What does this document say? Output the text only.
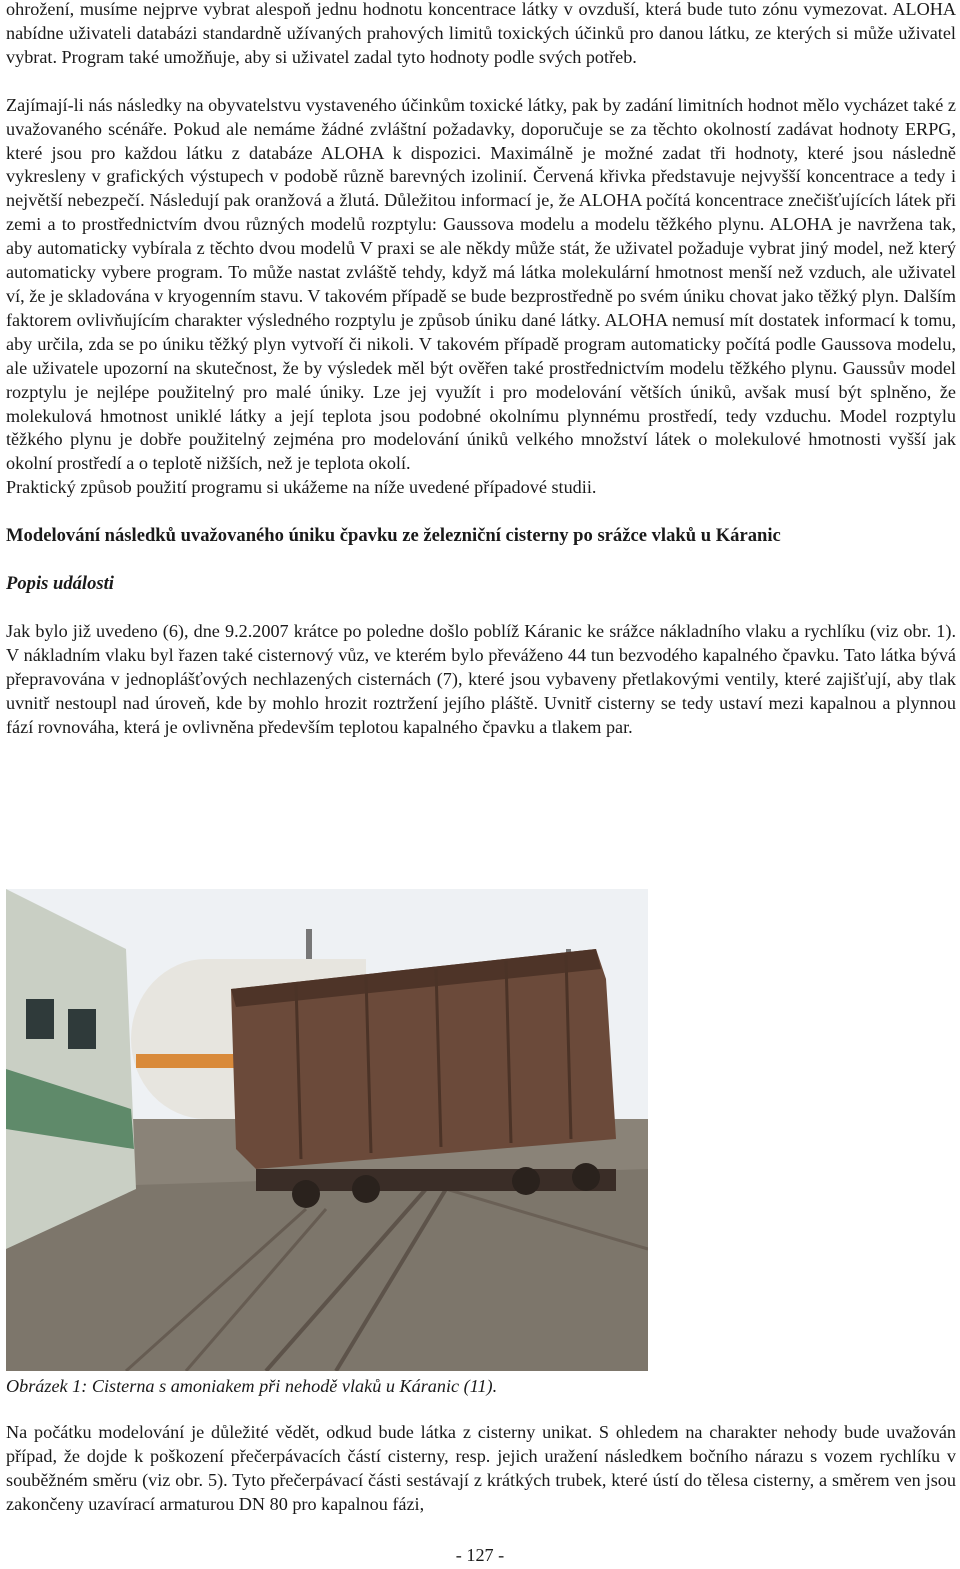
ohrožení, musíme nejprve vybrat alespoň jednu hodnotu koncentrace látky v ovzduší, která bude tuto zónu vymezovat. ALOHA nabídne uživateli databázi standardně užívaných prahových limitů toxických účinků pro danou látku, ze kterých si může uživatel vybrat. Program také umožňuje, aby si uživatel zadal tyto hodnoty podle svých potřeb.

Zajímají-li nás následky na obyvatelstvu vystaveného účinkům toxické látky, pak by zadání limitních hodnot mělo vycházet také z uvažovaného scénáře. Pokud ale nemáme žádné zvláštní požadavky, doporučuje se za těchto okolností zadávat hodnoty ERPG, které jsou pro každou látku z databáze ALOHA k dispozici. Maximálně je možné zadat tři hodnoty, které jsou následně vykresleny v grafických výstupech v podobě různě barevných izolinií. Červená křivka představuje nejvyšší koncentrace a tedy i největší nebezpečí. Následují pak oranžová a žlutá. Důležitou informací je, že ALOHA počítá koncentrace znečišťujících látek při zemi a to prostřednictvím dvou různých modelů rozptylu: Gaussova modelu a modelu těžkého plynu. ALOHA je navržena tak, aby automaticky vybírala z těchto dvou modelů V praxi se ale někdy může stát, že uživatel požaduje vybrat jiný model, než který automaticky vybere program. To může nastat zvláště tehdy, když má látka molekulární hmotnost menší než vzduch, ale uživatel ví, že je skladována v kryogenním stavu. V takovém případě se bude bezprostředně po svém úniku chovat jako těžký plyn. Dalším faktorem ovlivňujícím charakter výsledného rozptylu je způsob úniku dané látky. ALOHA nemusí mít dostatek informací k tomu, aby určila, zda se po úniku těžký plyn vytvoří či nikoli. V takovém případě program automaticky počítá podle Gaussova modelu, ale uživatele upozorní na skutečnost, že by výsledek měl být ověřen také prostřednictvím modelu těžkého plynu. Gaussův model rozptylu je nejlépe použitelný pro malé úniky. Lze jej využít i pro modelování větších úniků, avšak musí být splněno, že molekulová hmotnost uniklé látky a její teplota jsou podobné okolnímu plynnému prostředí, tedy vzduchu. Model rozptylu těžkého plynu je dobře použitelný zejména pro modelování úniků velkého množství látek o molekulové hmotnosti vyšší jak okolní prostředí a o teplotě nižších, než je teplota okolí.

Praktický způsob použití programu si ukážeme na níže uvedené případové studii.

Modelování následků uvažovaného úniku čpavku ze železniční cisterny po srážce vlaků u Káranic
Popis události

Jak bylo již uvedeno (6), dne 9.2.2007 krátce po poledne došlo poblíž Káranic ke srážce nákladního vlaku a rychlíku (viz obr. 1). V nákladním vlaku byl řazen také cisternový vůz, ve kterém bylo převáženo 44 tun bezvodého kapalného čpavku. Tato látka bývá přepravována v jednoplášťových nechlazených cisternách (7), které jsou vybaveny přetlakovými ventily, které zajišťují, aby tlak uvnitř nestoupl nad úroveň, kde by mohlo hrozit roztržení jejího pláště. Uvnitř cisterny se tedy ustaví mezi kapalnou a plynnou fází rovnováha, která je ovlivněna především teplotou kapalného čpavku a tlakem par.

Obrázek 1: Cisterna s amoniakem při nehodě vlaků u Káranic (11).

Na počátku modelování je důležité vědět, odkud bude látka z cisterny unikat. S ohledem na charakter nehody bude uvažován případ, že dojde k poškození přečerpávacích částí cisterny, resp. jejich uražení následkem bočního nárazu s vozem rychlíku v souběžném směru (viz obr. 5). Tyto přečerpávací části sestávají z krátkých trubek, které ústí do tělesa cisterny, a směrem ven jsou zakončeny uzavírací armaturou DN 80 pro kapalnou fázi,

- 127 -
